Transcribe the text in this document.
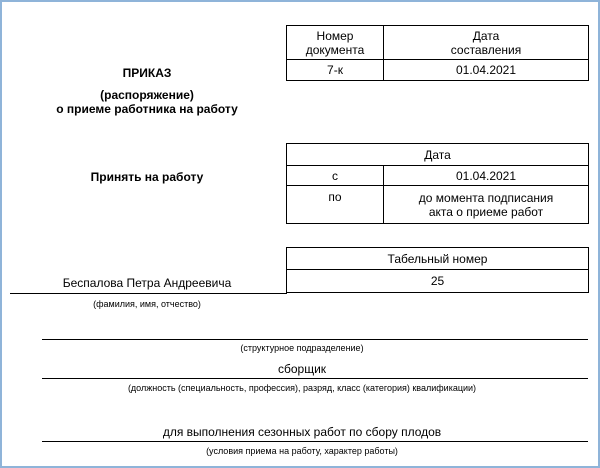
Номер
документа	Дата
составления
7-к	01.04.2021
ПРИКАЗ
(распоряжение)
о приеме работника на работу
Принять на работу
Дата	
с	01.04.2021
по	до момента подписания
акта о приеме работ
Табельный номер
25
Беспалова Петра Андреевича
(фамилия, имя, отчество)
(структурное подразделение)
сборщик
(должность (специальность, профессия), разряд, класс (категория) квалификации)
для выполнения сезонных работ по сбору плодов
(условия приема на работу, характер работы)
